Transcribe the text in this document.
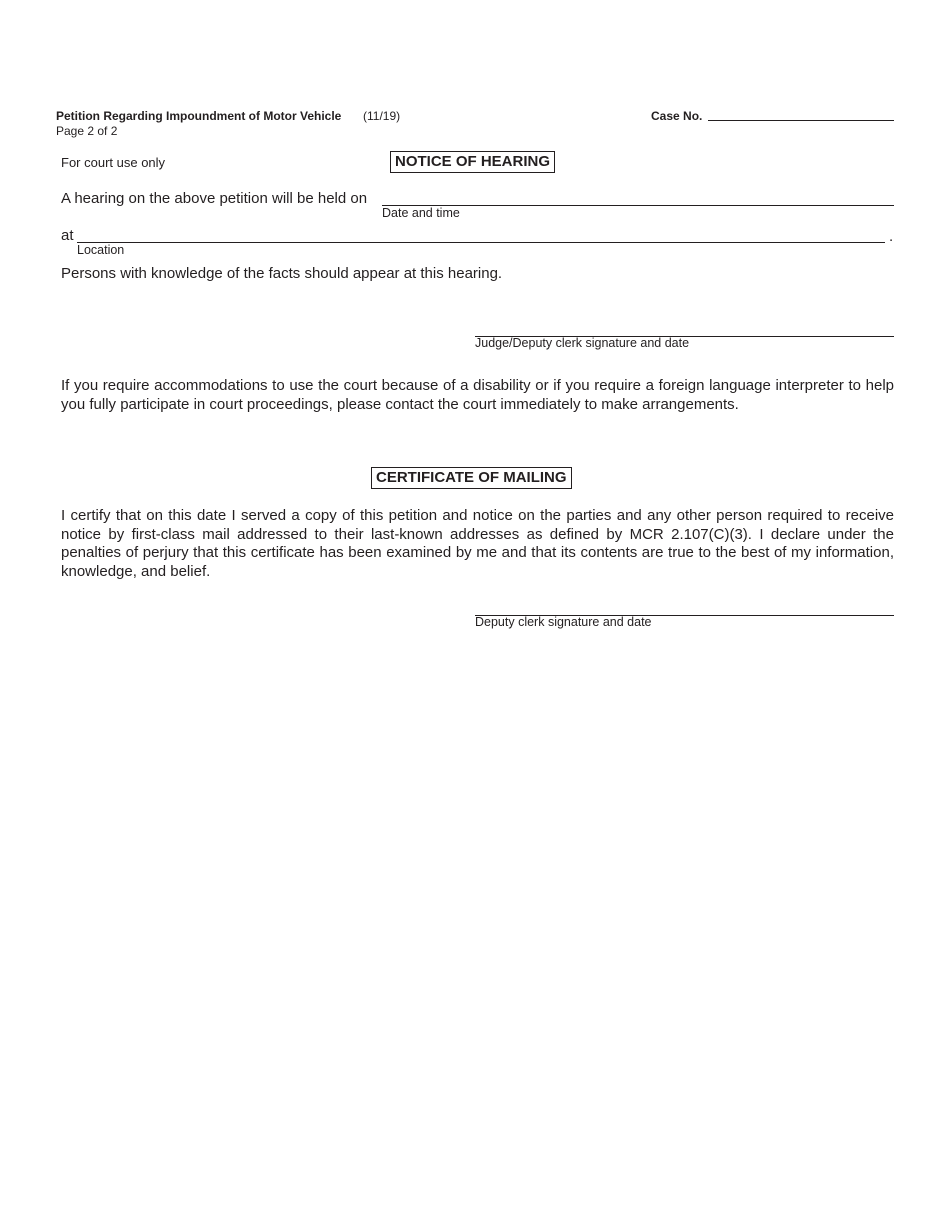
Petition Regarding Impoundment of Motor Vehicle (11/19)
Page 2 of 2
Case No.
For court use only	NOTICE OF HEARING
A hearing on the above petition will be held on
Date and time
at	.
Location
Persons with knowledge of the facts should appear at this hearing.
Judge/Deputy clerk signature and date
If you require accommodations to use the court because of a disability or if you require a foreign language interpreter to help you fully participate in court proceedings, please contact the court immediately to make arrangements.
CERTIFICATE OF MAILING
I certify that on this date I served a copy of this petition and notice on the parties and any other person required to receive notice by first-class mail addressed to their last-known addresses as defined by MCR 2.107(C)(3). I declare under the penalties of perjury that this certificate has been examined by me and that its contents are true to the best of my information, knowledge, and belief.
Deputy clerk signature and date
